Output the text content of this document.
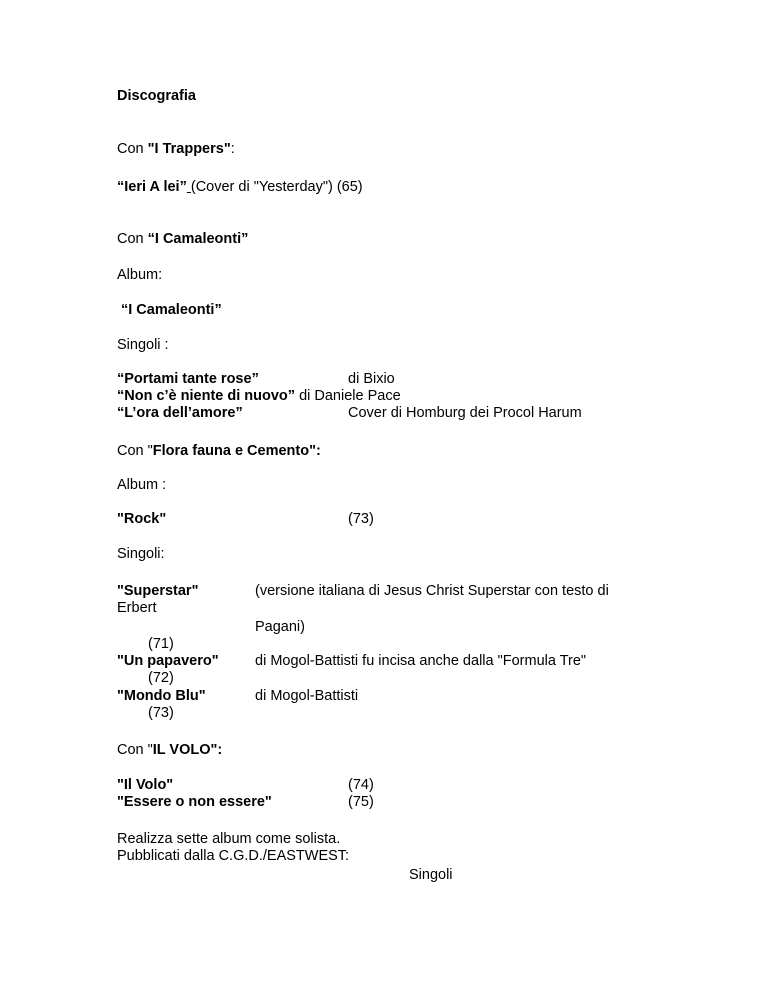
Discografia
Con "I Trappers":
“Ieri A lei” (Cover di "Yesterday") (65)
Con “I Camaleonti”
Album:
“I Camaleonti”
Singoli :
“Portami tante rose”	di Bixio
“Non c’è niente di nuovo” di Daniele Pace
“L’ora dell’amore”	Cover di Homburg dei Procol Harum
Con "Flora fauna e Cemento":
Album :
"Rock"	(73)
Singoli:
"Superstar"	(versione italiana di Jesus Christ Superstar con testo di
Erbert
Pagani)
(71)
"Un papavero"	di Mogol-Battisti fu incisa anche dalla "Formula Tre"
(72)
"Mondo Blu"	di Mogol-Battisti
(73)
Con "IL VOLO":
"Il Volo"	(74)
"Essere o non essere"	(75)
Realizza sette album come solista.
Pubblicati dalla C.G.D./EASTWEST:
Singoli
